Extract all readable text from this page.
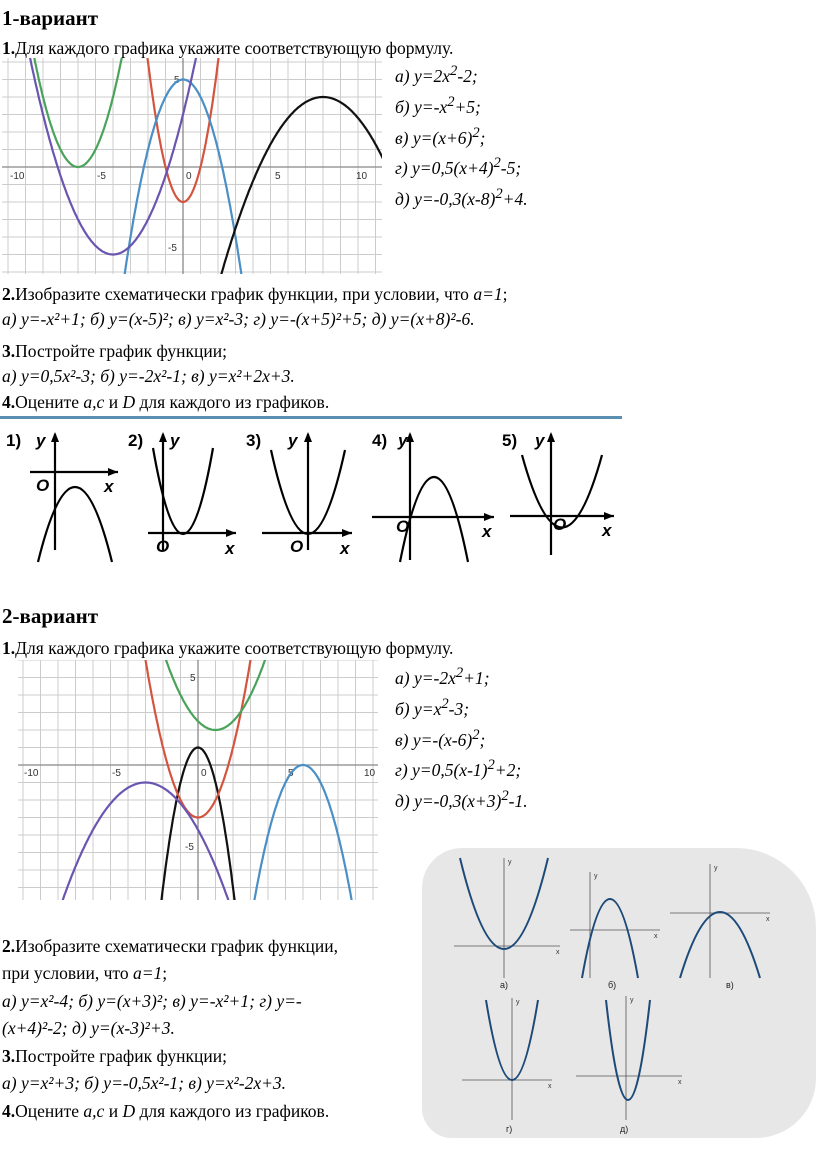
1-вариант
1.Для каждого графика укажите соответствующую формулу.
-10	-5	0	5	10
5
-5
а) $y=2x^2-2$;
б) $y=-x^2+5$;
в) $y=(x+6)^2$;
г) $y=0,5(x+4)^2-5$;
д) $y=-0,3(x-8)^2+4$.
2.Изобразите схематически график функции, при условии, что a=1;
а) y=-x²+1; б) y=(x-5)²; в) y=x²-3; г) y=-(x+5)²+5; д) y=(x+8)²-6.
3.Постройте график функции;
а) y=0,5x²-3; б) y=-2x²-1; в) y=x²+2x+3.
4.Оцените a,c и D для каждого из графиков.
1) y
x
O
2) y
x
O
3) y
x
O
4) y
x
O
5) y
x
O
2-вариант
1.Для каждого графика укажите соответствующую формулу.
-10	-5	0	5	10
5
-5
а) $y=-2x^2+1$;
б) $y=x^2-3$;
в) $y=-(x-6)^2$;
г) $y=0,5(x-1)^2+2$;
д) $y=-0,3(x+3)^2-1$.
y
x
y
x
y
x
y
x
y
x
а)	б)	в)
г)	д)
2.Изобразите схематически график функции,
при условии, что a=1;
а) y=x²-4; б) y=(x+3)²; в) y=-x²+1; г) y=-
(x+4)²-2; д) y=(x-3)²+3.
3.Постройте график функции;
а) y=x²+3; б) y=-0,5x²-1; в) y=x²-2x+3.
4.Оцените a,c и D для каждого из графиков.
